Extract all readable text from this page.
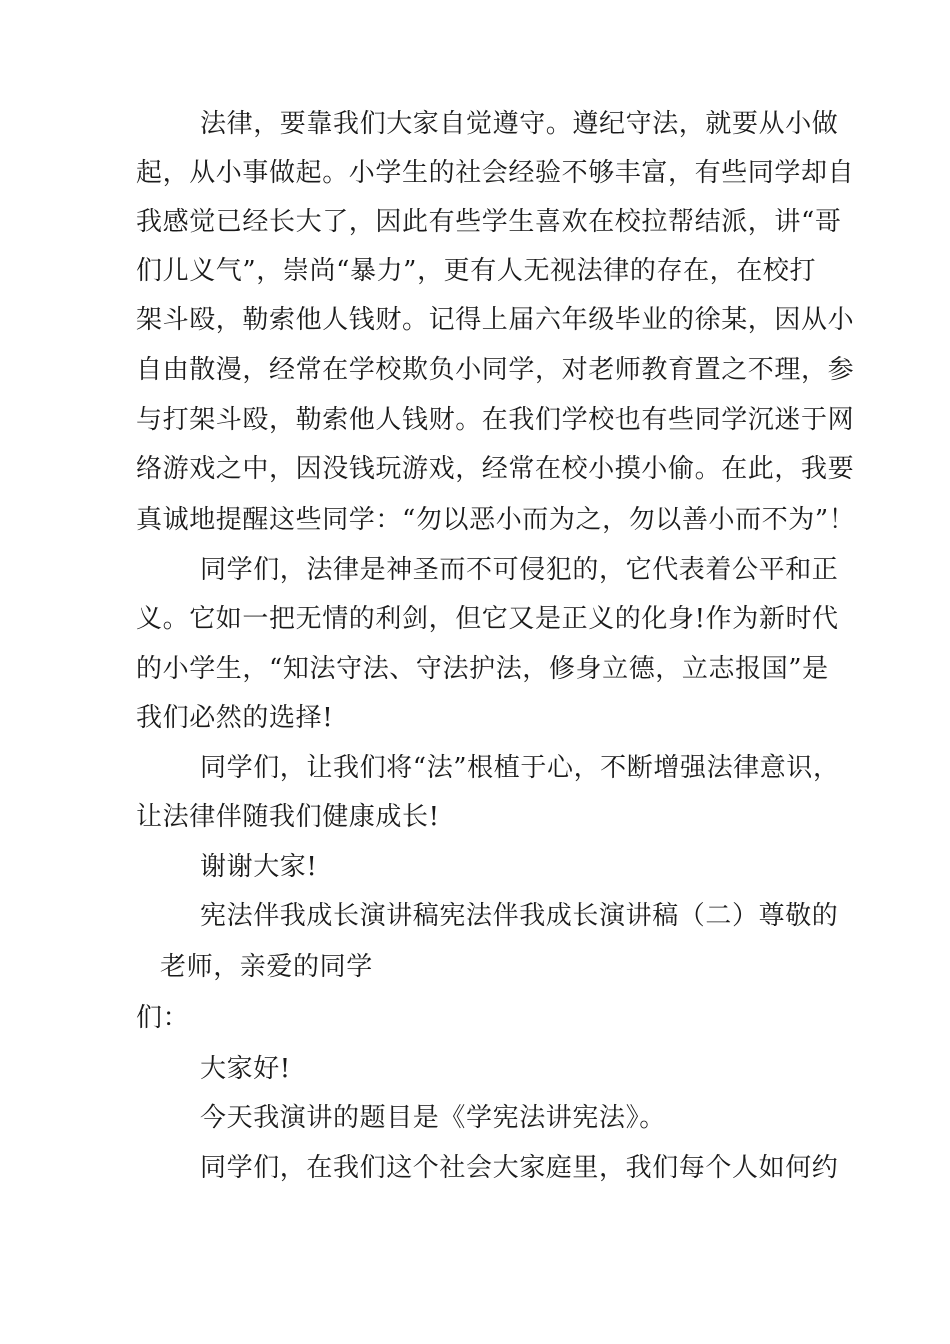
法律，要靠我们大家自觉遵守。遵纪守法，就要从小做
起，从小事做起。小学生的社会经验不够丰富，有些同学却自
我感觉已经长大了，因此有些学生喜欢在校拉帮结派，讲“哥
们儿义气”，崇尚“暴力”，更有人无视法律的存在，在校打
架斗殴，勒索他人钱财。记得上届六年级毕业的徐某，因从小
自由散漫，经常在学校欺负小同学，对老师教育置之不理，参
与打架斗殴，勒索他人钱财。在我们学校也有些同学沉迷于网
络游戏之中，因没钱玩游戏，经常在校小摸小偷。在此，我要
真诚地提醒这些同学：“勿以恶小而为之，勿以善小而不为”！
同学们，法律是神圣而不可侵犯的，它代表着公平和正
义。它如一把无情的利剑，但它又是正义的化身!作为新时代
的小学生，“知法守法、守法护法，修身立德，立志报国”是
我们必然的选择!
同学们，让我们将“法”根植于心，不断增强法律意识，
让法律伴随我们健康成长!
谢谢大家!
宪法伴我成长演讲稿宪法伴我成长演讲稿（二）尊敬的
老师，亲爱的同学
们：
大家好!
今天我演讲的题目是《学宪法讲宪法》。
同学们，在我们这个社会大家庭里，我们每个人如何约
